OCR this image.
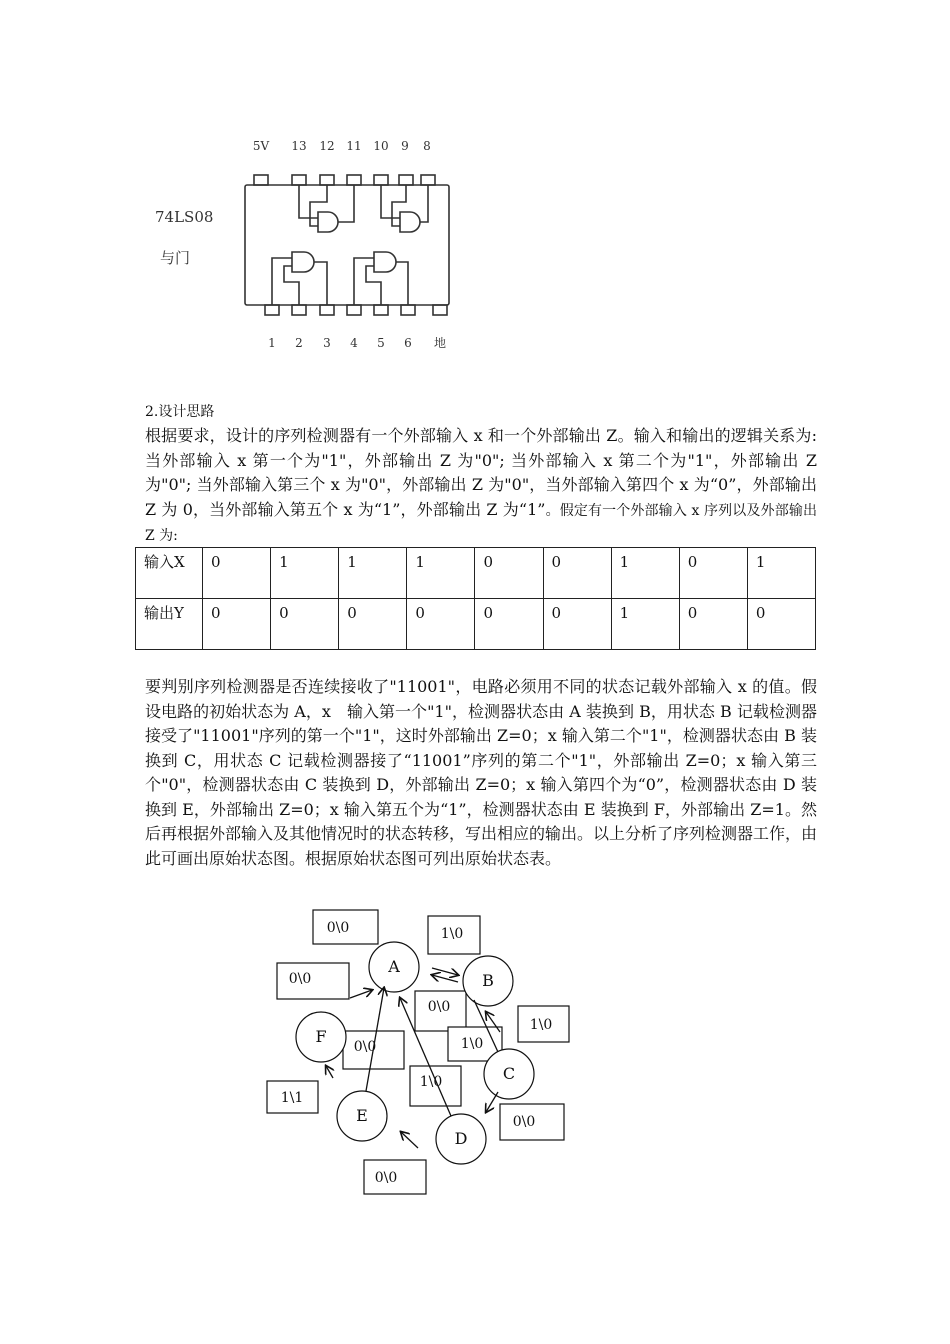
5V 13 12 11 10 9 8
1 2 3 4 5 6 地
74LS08
与门
2.设计思路
根据要求，设计的序列检测器有一个外部输入 x 和一个外部输出 Z。输入和输出的逻辑关系为: 当外部输入 x 第一个为"1"，外部输出 Z 为"0"; 当外部输入 x 第二个为"1"，外部输出 Z 为"0"; 当外部输入第三个 x 为"0"，外部输出 Z 为"0"，当外部输入第四个 x 为“0”，外部输出 Z 为 0，当外部输入第五个 x 为“1”，外部输出 Z 为“1”。假定有一个外部输入 x 序列以及外部输出 Z 为:
输入X	0	1	1	1	0	0	1	0	1
输出Y	0	0	0	0	0	0	1	0	0
要判别序列检测器是否连续接收了"11001"，电路必须用不同的状态记载外部输入 x 的值。假设电路的初始状态为 A，x　输入第一个"1"，检测器状态由 A 装换到 B，用状态 B 记载检测器接受了"11001"序列的第一个"1"，这时外部输出 Z=0；x 输入第二个"1"，检测器状态由 B 装换到 C，用状态 C 记载检测器接了“11001”序列的第二个"1"，外部输出 Z=0；x 输入第三个"0"，检测器状态由 C 装换到 D，外部输出 Z=0；x 输入第四个为“0”，检测器状态由 D 装换到 E，外部输出 Z=0；x 输入第五个为“1”，检测器状态由 E 装换到 F，外部输出 Z=1。然后再根据外部输入及其他情况时的状态转移，写出相应的输出。以上分析了序列检测器工作，由此可画出原始状态图。根据原始状态图可列出原始状态表。
0\0	1\0
0\0
0\0
1\0
1\0
0\0
1\0
1\1
0\0
0\0
A
B
C
D
E
F
